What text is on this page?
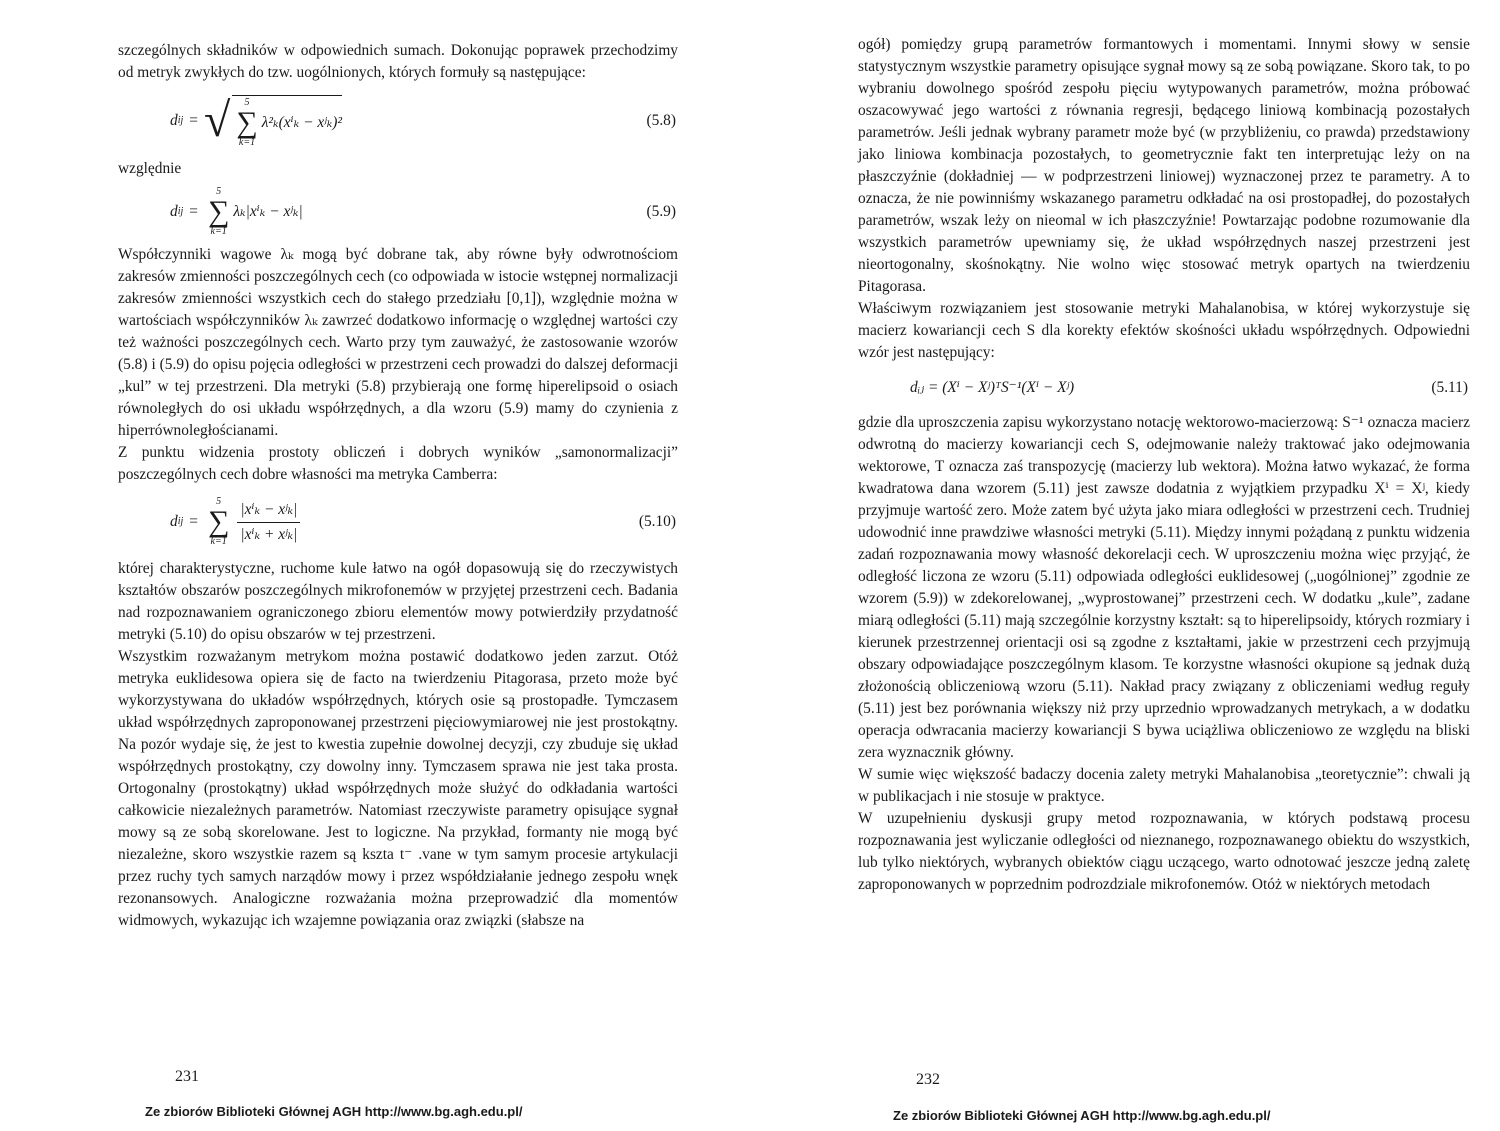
szczególnych składników w odpowiednich sumach. Dokonując poprawek przechodzimy od metryk zwykłych do tzw. uogólnionych, których formuły są następujące:

d ij = √ 5
∑
k=1
λ²ₖ(xⁱₖ − xʲₖ)²	(5.8)

względnie

d ij =
5
∑
k=1
λₖ|xⁱₖ − xʲₖ|	(5.9)

Współczynniki wagowe λₖ mogą być dobrane tak, aby równe były odwrotnościom zakresów zmienności poszczególnych cech (co odpowiada w istocie wstępnej normalizacji zakresów zmienności wszystkich cech do stałego przedziału [0,1]), względnie można w wartościach współczynników λₖ zawrzeć dodatkowo informację o względnej wartości czy też ważności poszczególnych cech. Warto przy tym zauważyć, że zastosowanie wzorów (5.8) i (5.9) do opisu pojęcia odległości w przestrzeni cech prowadzi do dalszej deformacji „kul” w tej przestrzeni. Dla metryki (5.8) przybierają one formę hiperelipsoid o osiach równoległych do osi układu współrzędnych, a dla wzoru (5.9) mamy do czynienia z hiperrównoległościanami.

Z punktu widzenia prostoty obliczeń i dobrych wyników „samonormalizacji” poszczególnych cech dobre własności ma metryka Camberra:

d ij =
5
∑
$k=1 \frac{\text{|xⁱₖ − xʲₖ|}}{\text{|xⁱₖ + xʲₖ|}}$	(5.10)

której charakterystyczne, ruchome kule łatwo na ogół dopasowują się do rzeczywistych kształtów obszarów poszczególnych mikrofonemów w przyjętej przestrzeni cech. Badania nad rozpoznawaniem ograniczonego zbioru elementów mowy potwierdziły przydatność metryki (5.10) do opisu obszarów w tej przestrzeni.

Wszystkim rozważanym metrykom można postawić dodatkowo jeden zarzut. Otóż metryka euklidesowa opiera się de facto na twierdzeniu Pitagorasa, przeto może być wykorzystywana do układów współrzędnych, których osie są prostopadłe. Tymczasem układ współrzędnych zaproponowanej przestrzeni pięciowymiarowej nie jest prostokątny. Na pozór wydaje się, że jest to kwestia zupełnie dowolnej decyzji, czy zbuduje się układ współrzędnych prostokątny, czy dowolny inny. Tymczasem sprawa nie jest taka prosta. Ortogonalny (prostokątny) układ współrzędnych może służyć do odkładania wartości całkowicie niezależnych parametrów. Natomiast rzeczywiste parametry opisujące sygnał mowy są ze sobą skorelowane. Jest to logiczne. Na przykład, formanty nie mogą być niezależne, skoro wszystkie razem są kszta t⁻ .vane w tym samym procesie artykulacji przez ruchy tych samych narządów mowy i przez współdziałanie jednego zespołu wnęk rezonansowych. Analogiczne rozważania można przeprowadzić dla momentów widmowych, wykazując ich wzajemne powiązania oraz związki (słabsze na

231
Ze zbiorów Biblioteki Głównej AGH http://www.bg.agh.edu.pl/

ogół) pomiędzy grupą parametrów formantowych i momentami. Innymi słowy w sensie statystycznym wszystkie parametry opisujące sygnał mowy są ze sobą powiązane. Skoro tak, to po wybraniu dowolnego spośród zespołu pięciu wytypowanych parametrów, można próbować oszacowywać jego wartości z równania regresji, będącego liniową kombinacją pozostałych parametrów. Jeśli jednak wybrany parametr może być (w przybliżeniu, co prawda) przedstawiony jako liniowa kombinacja pozostałych, to geometrycznie fakt ten interpretując leży on na płaszczyźnie (dokładniej — w podprzestrzeni liniowej) wyznaczonej przez te parametry. A to oznacza, że nie powinniśmy wskazanego parametru odkładać na osi prostopadłej, do pozostałych parametrów, wszak leży on nieomal w ich płaszczyźnie! Powtarzając podobne rozumowanie dla wszystkich parametrów upewniamy się, że układ współrzędnych naszej przestrzeni jest nieortogonalny, skośnokątny. Nie wolno więc stosować metryk opartych na twierdzeniu Pitagorasa.

Właściwym rozwiązaniem jest stosowanie metryki Mahalanobisa, w której wykorzystuje się macierz kowariancji cech S dla korekty efektów skośności układu współrzędnych. Odpowiedni wzór jest następujący:

dᵢⱼ = (Xⁱ − Xʲ)ᵀS⁻¹(Xⁱ − Xʲ)	(5.11)

gdzie dla uproszczenia zapisu wykorzystano notację wektorowo-macierzową: S⁻¹ oznacza macierz odwrotną do macierzy kowariancji cech S, odejmowanie należy traktować jako odejmowania wektorowe, T oznacza zaś transpozycję (macierzy lub wektora). Można łatwo wykazać, że forma kwadratowa dana wzorem (5.11) jest zawsze dodatnia z wyjątkiem przypadku Xⁱ = Xʲ, kiedy przyjmuje wartość zero. Może zatem być użyta jako miara odległości w przestrzeni cech. Trudniej udowodnić inne prawdziwe własności metryki (5.11). Między innymi pożądaną z punktu widzenia zadań rozpoznawania mowy własność dekorelacji cech. W uproszczeniu można więc przyjąć, że odległość liczona ze wzoru (5.11) odpowiada odległości euklidesowej („uogólnionej” zgodnie ze wzorem (5.9)) w zdekorelowanej, „wyprostowanej” przestrzeni cech. W dodatku „kule”, zadane miarą odległości (5.11) mają szczególnie korzystny kształt: są to hiperelipsoidy, których rozmiary i kierunek przestrzennej orientacji osi są zgodne z kształtami, jakie w przestrzeni cech przyjmują obszary odpowiadające poszczególnym klasom. Te korzystne własności okupione są jednak dużą złożonością obliczeniową wzoru (5.11). Nakład pracy związany z obliczeniami według reguły (5.11) jest bez porównania większy niż przy uprzednio wprowadzanych metrykach, a w dodatku operacja odwracania macierzy kowariancji S bywa uciążliwa obliczeniowo ze względu na bliski zera wyznacznik główny.

W sumie więc większość badaczy docenia zalety metryki Mahalanobisa „teoretycznie”: chwali ją w publikacjach i nie stosuje w praktyce.

W uzupełnieniu dyskusji grupy metod rozpoznawania, w których podstawą procesu rozpoznawania jest wyliczanie odległości od nieznanego, rozpoznawanego obiektu do wszystkich, lub tylko niektórych, wybranych obiektów ciągu uczącego, warto odnotować jeszcze jedną zaletę zaproponowanych w poprzednim podrozdziale mikrofonemów. Otóż w niektórych metodach

232
Ze zbiorów Biblioteki Głównej AGH http://www.bg.agh.edu.pl/
